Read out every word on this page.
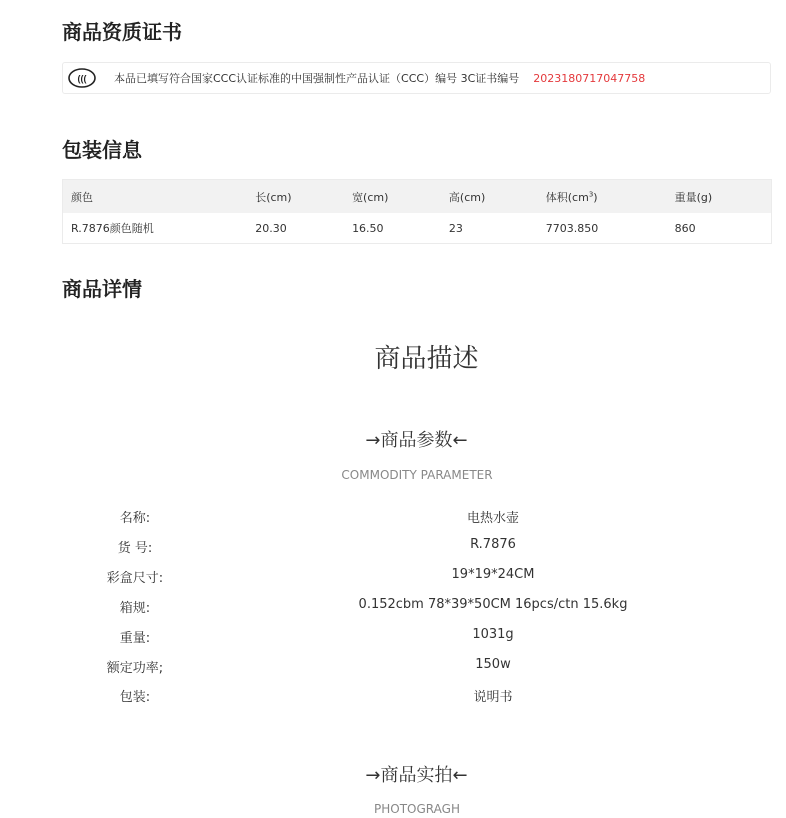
商品资质证书
(((	本品已填写符合国家CCC认证标准的中国强制性产品认证（CCC）编号 3C证书编号 2023180717047758
包装信息
颜色	长(cm)	宽(cm)	高(cm)	体积$(cm^3)$	重量(g)
R.7876颜色随机	20.30	16.50	23	7703.850	860
商品详情
商品描述
→商品参数←
COMMODITY PARAMETER
名称:	电热水壶
货 号:	R.7876
彩盒尺寸:	19*19*24CM
箱规:	0.152cbm 78*39*50CM 16pcs/ctn 15.6kg
重量:	1031g
额定功率;	150w
包装:	说明书
→商品实拍←
PHOTOGRAGH
